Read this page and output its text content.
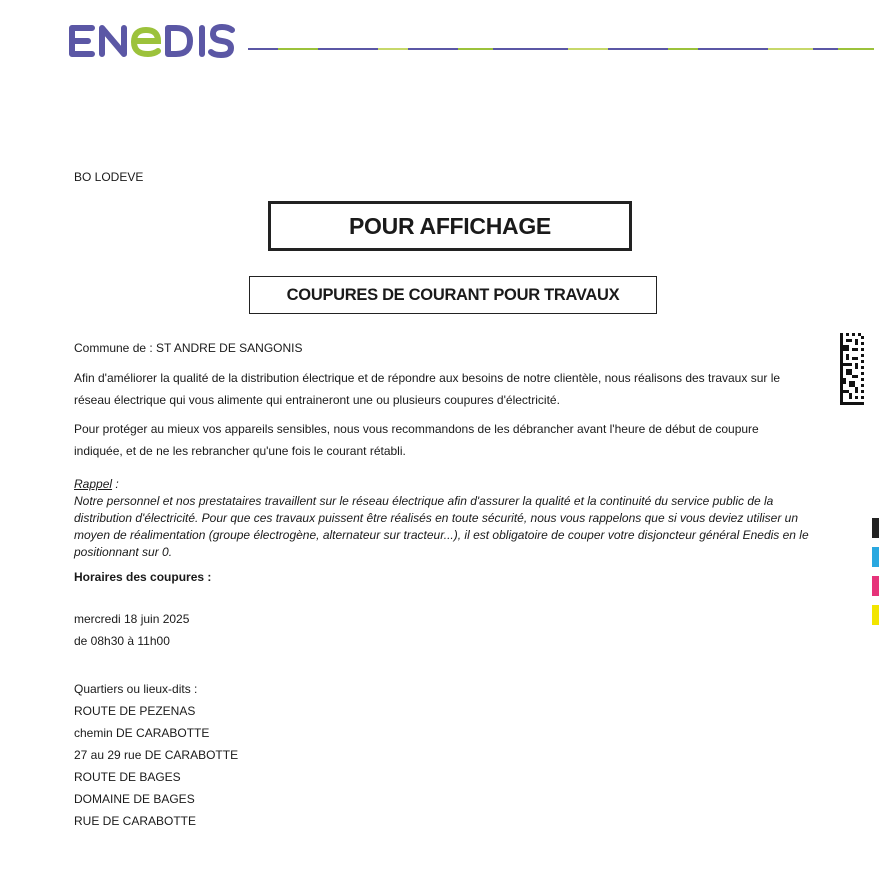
BO LODEVE
POUR AFFICHAGE
COUPURES DE COURANT POUR TRAVAUX
Commune de : ST ANDRE DE SANGONIS
Afin d'améliorer la qualité de la distribution électrique et de répondre aux besoins de notre clientèle, nous réalisons des travaux sur le réseau électrique qui vous alimente qui entraineront une ou plusieurs coupures d'électricité.
Pour protéger au mieux vos appareils sensibles, nous vous recommandons de les débrancher avant l'heure de début de coupure indiquée, et de ne les rebrancher qu'une fois le courant rétabli.
Rappel :
Notre personnel et nos prestataires travaillent sur le réseau électrique afin d'assurer la qualité et la continuité du service public de la distribution d'électricité. Pour que ces travaux puissent être réalisés en toute sécurité, nous vous rappelons que si vous deviez utiliser un moyen de réalimentation (groupe électrogène, alternateur sur tracteur...), il est obligatoire de couper votre disjoncteur général Enedis en le positionnant sur 0.
Horaires des coupures :
mercredi 18 juin 2025
de 08h30 à 11h00
Quartiers ou lieux-dits :
ROUTE DE PEZENAS
chemin DE CARABOTTE
27 au 29 rue DE CARABOTTE
ROUTE DE BAGES
DOMAINE DE BAGES
RUE DE CARABOTTE
